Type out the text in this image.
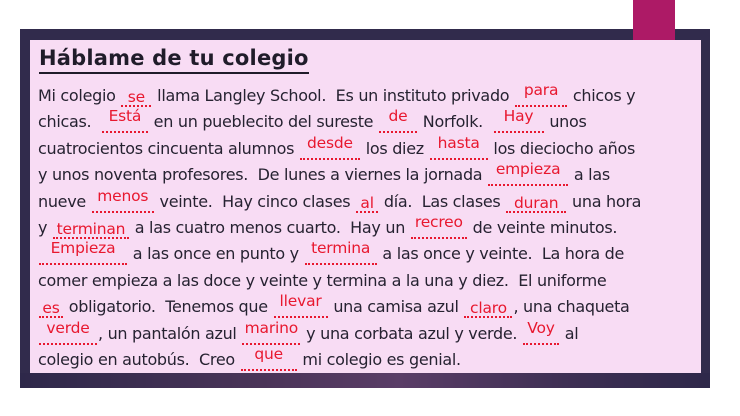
Háblame de tu colegio
Mi colegio se llama Langley School.  Es un instituto privado para chicos y
chicas.  Está en un pueblecito del sureste de Norfolk.  Hay unos
cuatrocientos cincuenta alumnos desde los diez hasta los dieciocho años
y unos noventa profesores.  De lunes a viernes la jornada empieza a las
nueve menos veinte.  Hay cinco clases al día.  Las clases duran una hora
y terminan a las cuatro menos cuarto.  Hay un recreo de veinte minutos.
Empieza a las once en punto y termina a las once y veinte.  La hora de
comer empieza a las doce y veinte y termina a la una y diez.  El uniforme
es obligatorio.  Tenemos que llevar una camisa azul claro , una chaqueta
verde , un pantalón azul marino y una corbata azul y verde. Voy al
colegio en autobús.  Creo que mi colegio es genial.
